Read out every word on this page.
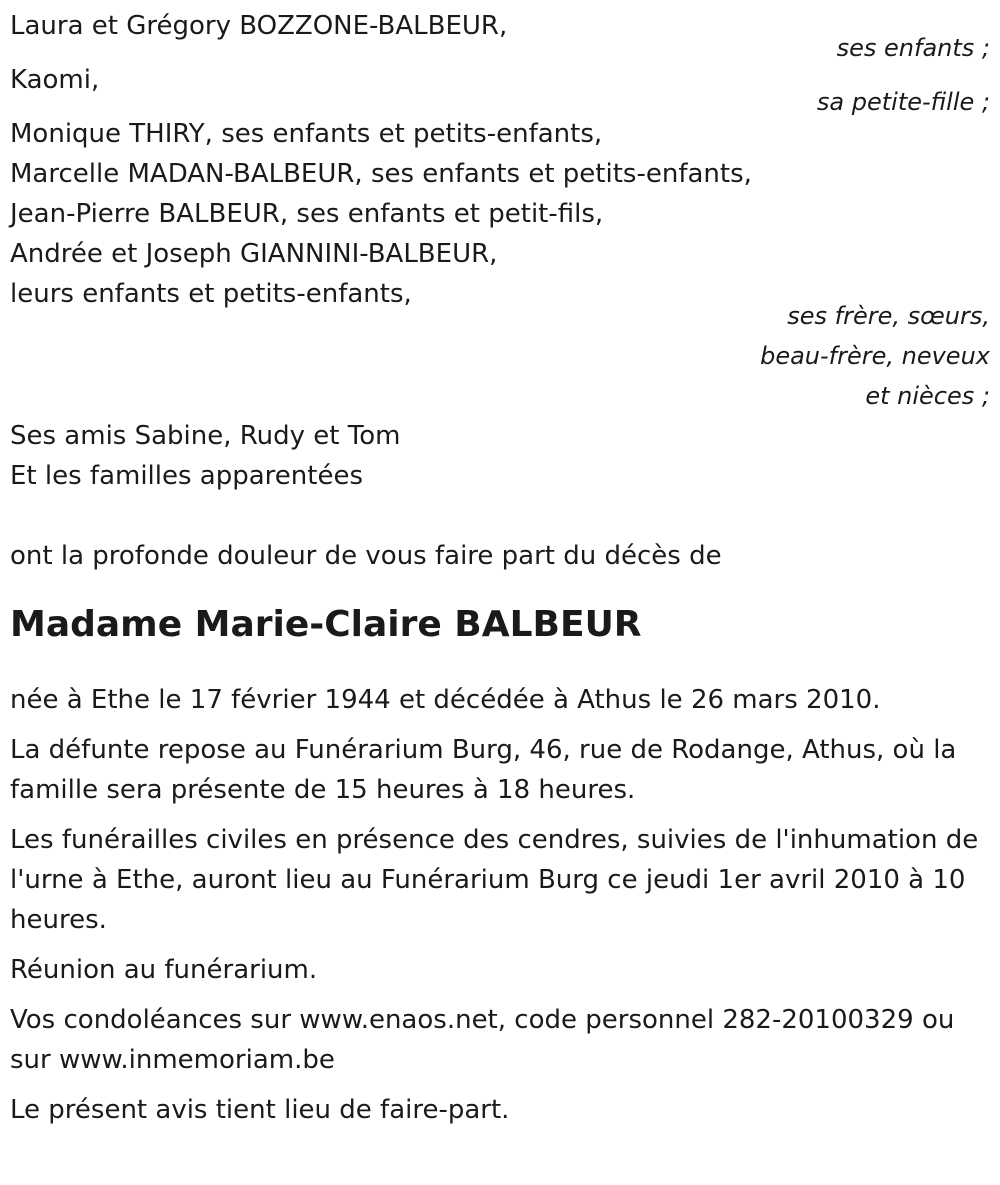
Laura et Grégory BOZZONE-BALBEUR,
ses enfants ;
Kaomi,
sa petite-fille ;
Monique THIRY, ses enfants et petits-enfants,
Marcelle MADAN-BALBEUR, ses enfants et petits-enfants,
Jean-Pierre BALBEUR, ses enfants et petit-fils,
Andrée et Joseph GIANNINI-BALBEUR,
leurs enfants et petits-enfants,
ses frère, sœurs,
beau-frère, neveux
et nièces ;
Ses amis Sabine, Rudy et Tom
Et les familles apparentées
ont la profonde douleur de vous faire part du décès de
Madame Marie-Claire BALBEUR
née à Ethe le 17 février 1944 et décédée à Athus le 26 mars 2010.
La défunte repose au Funérarium Burg, 46, rue de Rodange, Athus, où la famille sera présente de 15 heures à 18 heures.
Les funérailles civiles en présence des cendres, suivies de l'inhumation de l'urne à Ethe, auront lieu au Funérarium Burg ce jeudi 1er avril 2010 à 10 heures.
Réunion au funérarium.
Vos condoléances sur www.enaos.net, code personnel 282-20100329 ou sur www.inmemoriam.be
Le présent avis tient lieu de faire-part.
